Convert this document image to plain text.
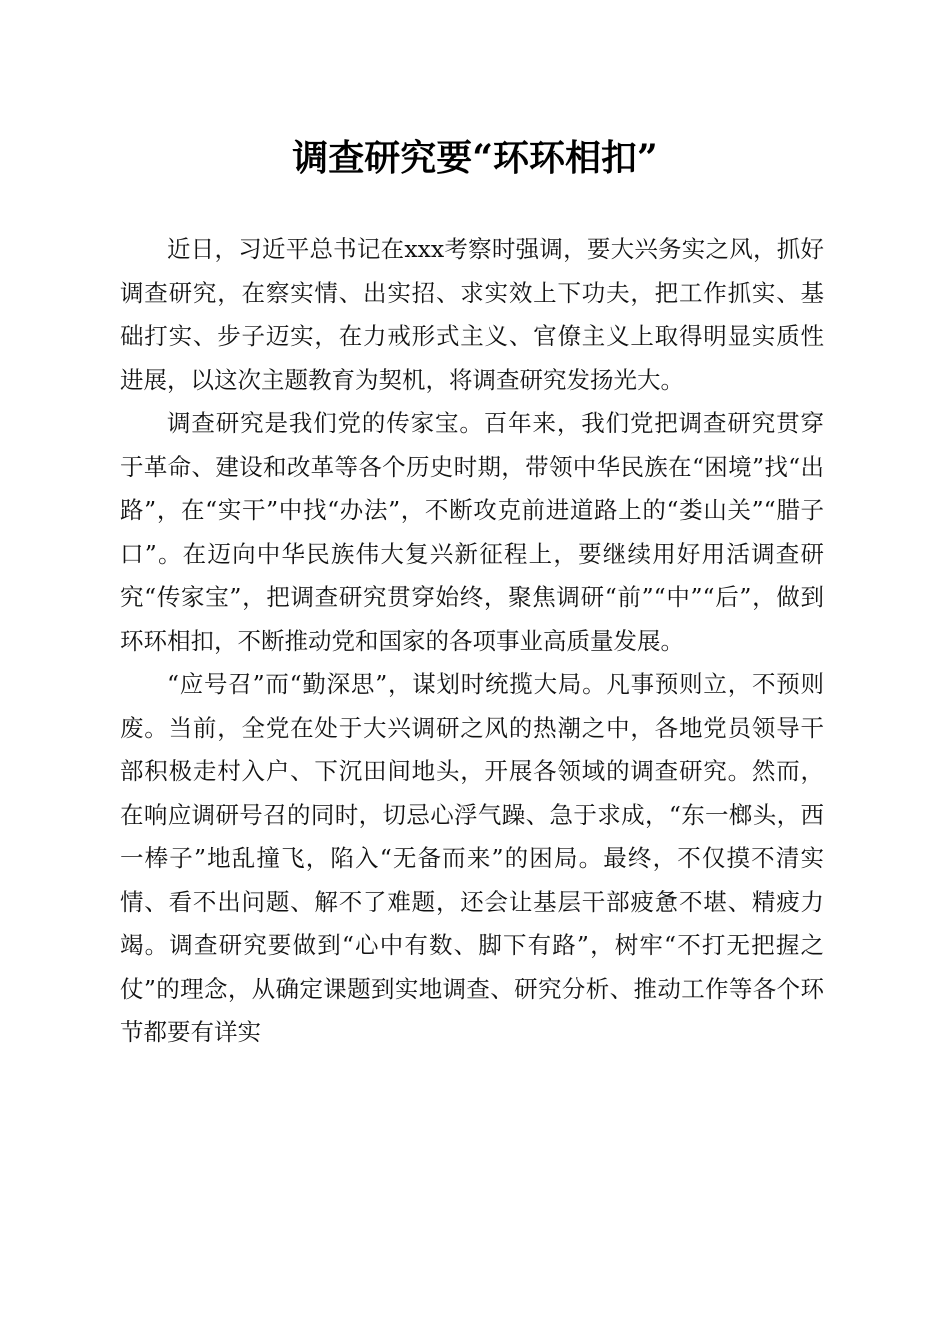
调查研究要“环环相扣”

近日，习近平总书记在xxx考察时强调，要大兴务实之风，抓好调查研究，在察实情、出实招、求实效上下功夫，把工作抓实、基础打实、步子迈实，在力戒形式主义、官僚主义上取得明显实质性进展，以这次主题教育为契机，将调查研究发扬光大。

调查研究是我们党的传家宝。百年来，我们党把调查研究贯穿于革命、建设和改革等各个历史时期，带领中华民族在“困境”找“出路”，在“实干”中找“办法”，不断攻克前进道路上的“娄山关”“腊子口”。在迈向中华民族伟大复兴新征程上，要继续用好用活调查研究“传家宝”，把调查研究贯穿始终，聚焦调研“前”“中”“后”，做到环环相扣，不断推动党和国家的各项事业高质量发展。

“应号召”而“勤深思”，谋划时统揽大局。凡事预则立，不预则废。当前，全党在处于大兴调研之风的热潮之中，各地党员领导干部积极走村入户、下沉田间地头，开展各领域的调查研究。然而，在响应调研号召的同时，切忌心浮气躁、急于求成，“东一榔头，西一棒子”地乱撞飞，陷入“无备而来”的困局。最终，不仅摸不清实情、看不出问题、解不了难题，还会让基层干部疲惫不堪、精疲力竭。调查研究要做到“心中有数、脚下有路”，树牢“不打无把握之仗”的理念，从确定课题到实地调查、研究分析、推动工作等各个环节都要有详实
